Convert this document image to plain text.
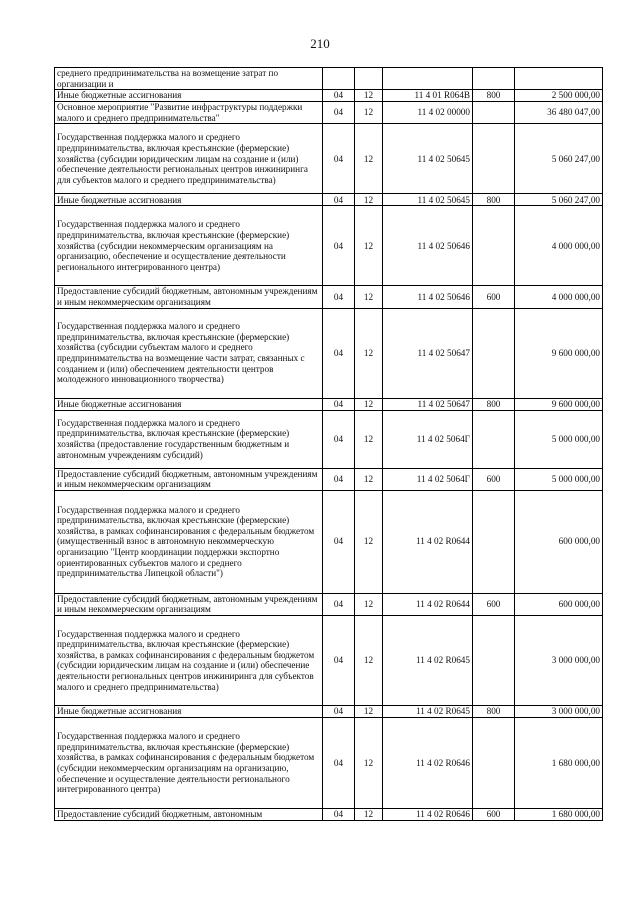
210
среднего предпринимательства на возмещение затрат по организации и					
Иные бюджетные ассигнования	04	12	11 4 01 R064В	800	2 500 000,00
Основное мероприятие "Развитие инфраструктуры поддержки малого и среднего предпринимательства"	04	12	11 4 02 00000		36 480 047,00
Государственная поддержка малого и среднего предпринимательства, включая крестьянские (фермерские) хозяйства (субсидии юридическим лицам на создание и (или) обеспечение деятельности региональных центров инжиниринга для субъектов малого и среднего предпринимательства)	04	12	11 4 02 50645		5 060 247,00
Иные бюджетные ассигнования	04	12	11 4 02 50645	800	5 060 247,00
Государственная поддержка малого и среднего предпринимательства, включая крестьянские (фермерские) хозяйства (субсидии некоммерческим организациям на организацию, обеспечение и осуществление деятельности регионального интегрированного центра)	04	12	11 4 02 50646		4 000 000,00
Предоставление субсидий бюджетным, автономным учреждениям и иным некоммерческим организациям	04	12	11 4 02 50646	600	4 000 000,00
Государственная поддержка малого и среднего предпринимательства, включая крестьянские (фермерские) хозяйства (субсидии субъектам малого и среднего предпринимательства на возмещение части затрат, связанных с созданием и (или) обеспечением деятельности центров молодежного инновационного творчества)	04	12	11 4 02 50647		9 600 000,00
Иные бюджетные ассигнования	04	12	11 4 02 50647	800	9 600 000,00
Государственная поддержка малого и среднего предпринимательства, включая крестьянские (фермерские) хозяйства (предоставление государственным бюджетным и автономным учреждениям субсидий)	04	12	11 4 02 5064Г		5 000 000,00
Предоставление субсидий бюджетным, автономным учреждениям и иным некоммерческим организациям	04	12	11 4 02 5064Г	600	5 000 000,00
Государственная поддержка малого и среднего предпринимательства, включая крестьянские (фермерские) хозяйства, в рамках софинансирования с федеральным бюджетом (имущественный взнос в автономную некоммерческую организацию "Центр координации поддержки экспортно ориентированных субъектов малого и среднего предпринимательства Липецкой области")	04	12	11 4 02 R0644		600 000,00
Предоставление субсидий бюджетным, автономным учреждениям и иным некоммерческим организациям	04	12	11 4 02 R0644	600	600 000,00
Государственная поддержка малого и среднего предпринимательства, включая крестьянские (фермерские) хозяйства, в рамках софинансирования с федеральным бюджетом (субсидии юридическим лицам на создание и (или) обеспечение деятельности региональных центров инжиниринга для субъектов малого и среднего предпринимательства)	04	12	11 4 02 R0645		3 000 000,00
Иные бюджетные ассигнования	04	12	11 4 02 R0645	800	3 000 000,00
Государственная поддержка малого и среднего предпринимательства, включая крестьянские (фермерские) хозяйства, в рамках софинансирования с федеральным бюджетом (субсидии некоммерческим организациям на организацию, обеспечение и осуществление деятельности регионального интегрированного центра)	04	12	11 4 02 R0646		1 680 000,00
Предоставление субсидий бюджетным, автономным	04	12	11 4 02 R0646	600	1 680 000,00
